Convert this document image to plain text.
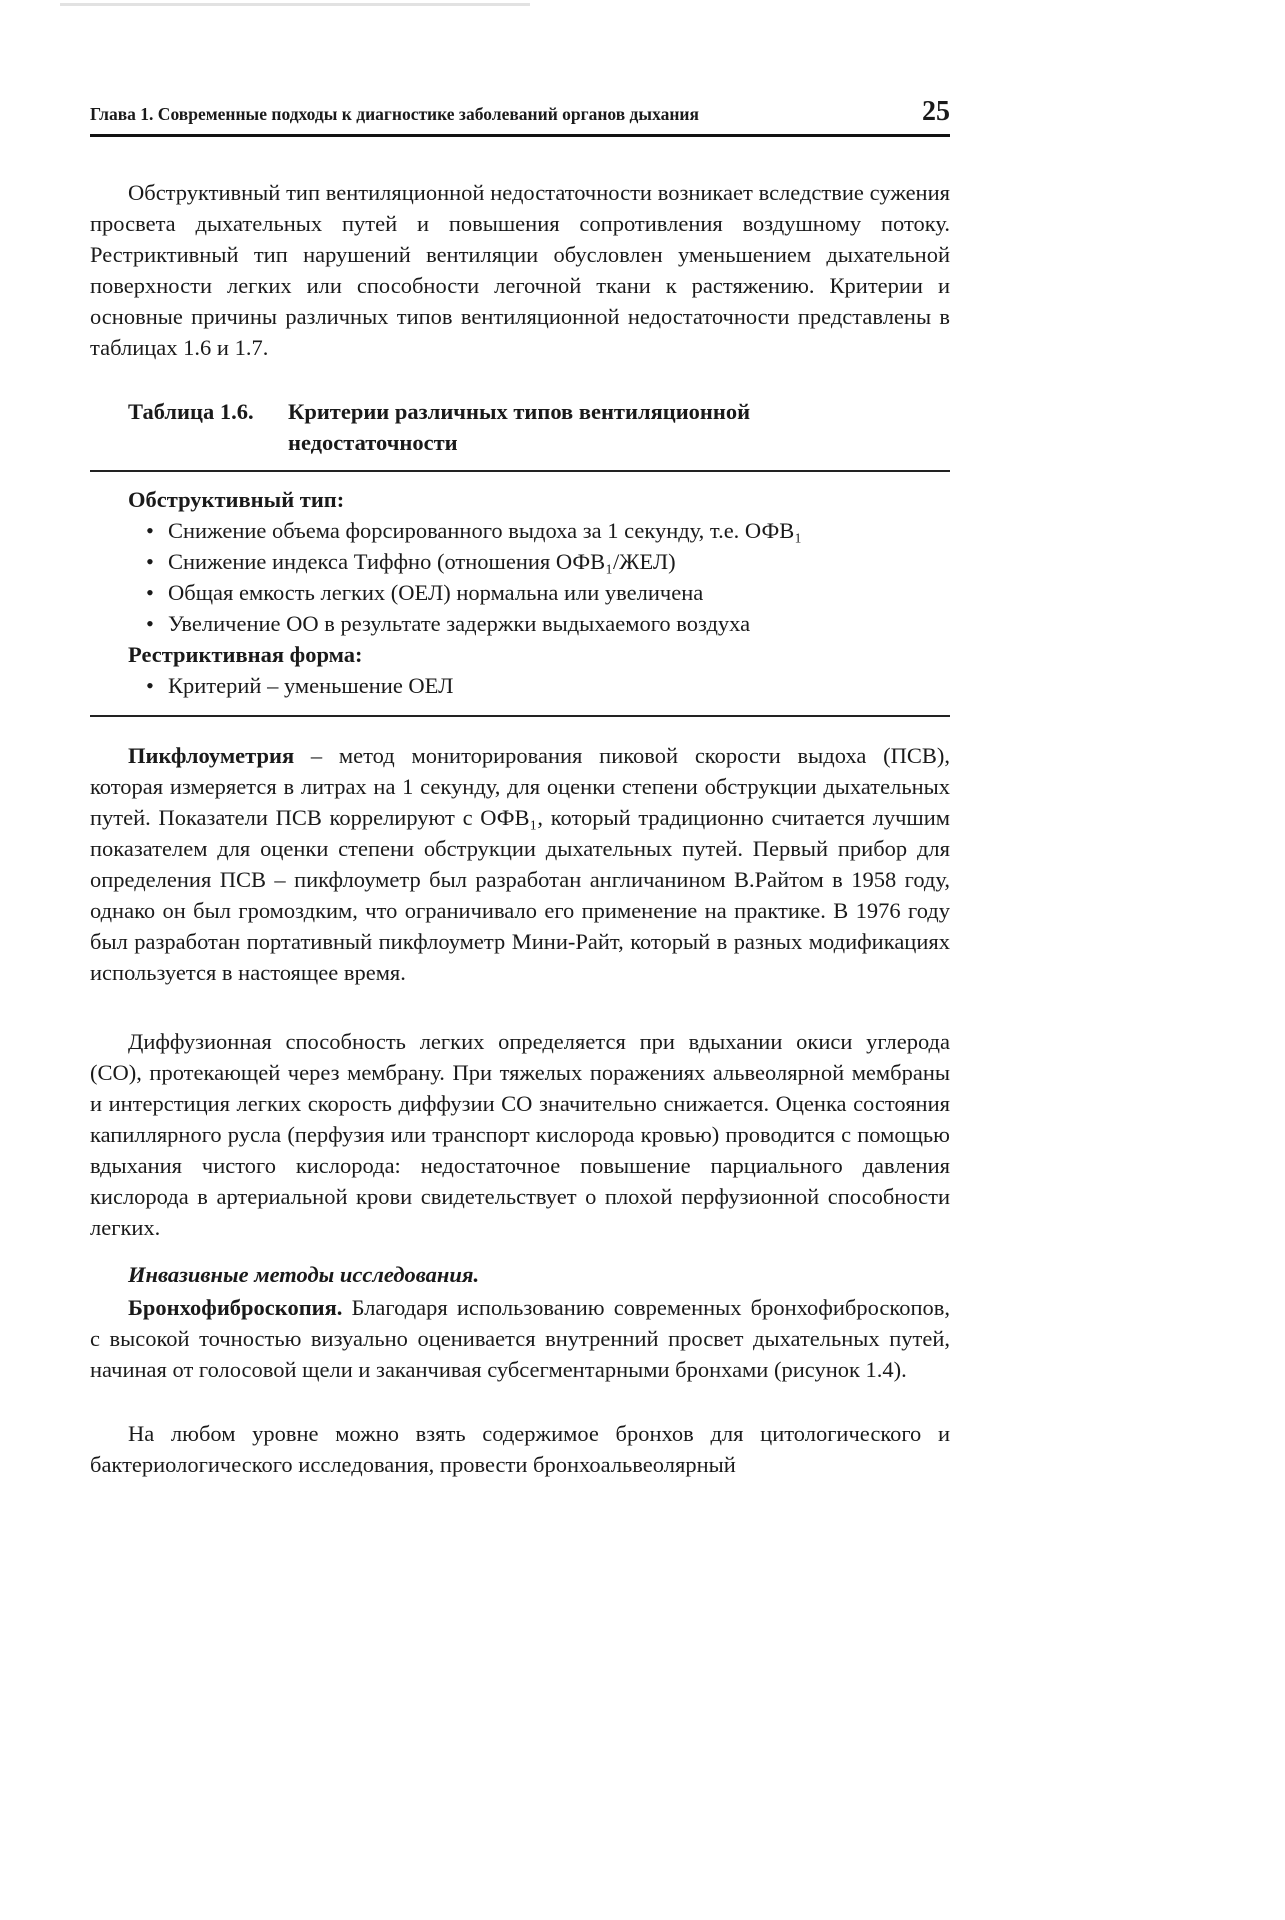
Глава 1. Современные подходы к диагностике заболеваний органов дыхания	25

Обструктивный тип вентиляционной недостаточности возникает вследствие сужения просвета дыхательных путей и повышения сопротивления воздушному потоку. Рестриктивный тип нарушений вентиляции обусловлен уменьшением дыхательной поверхности легких или способности легочной ткани к растяжению. Критерии и основные причины различных типов вентиляционной недостаточности представлены в таблицах 1.6 и 1.7.

Таблица 1.6. Критерии различных типов вентиляционной недостаточности
Обструктивный тип:
• Снижение объема форсированного выдоха за 1 секунду, т.е. ОФВ₁
• Снижение индекса Тиффно (отношения ОФВ₁/ЖЕЛ)
• Общая емкость легких (ОЕЛ) нормальна или увеличена
• Увеличение ОО в результате задержки выдыхаемого воздуха
Рестриктивная форма:
• Критерий – уменьшение ОЕЛ

Пикфлоуметрия – метод мониторирования пиковой скорости выдоха (ПСВ), которая измеряется в литрах на 1 секунду, для оценки степени обструкции дыхательных путей. Показатели ПСВ коррелируют с ОФВ₁, который традиционно считается лучшим показателем для оценки степени обструкции дыхательных путей. Первый прибор для определения ПСВ – пикфлоуметр был разработан англичанином В.Райтом в 1958 году, однако он был громоздким, что ограничивало его применение на практике. В 1976 году был разработан портативный пикфлоуметр Мини-Райт, который в разных модификациях используется в настоящее время.

Диффузионная способность легких определяется при вдыхании окиси углерода (СО), протекающей через мембрану. При тяжелых поражениях альвеолярной мембраны и интерстиция легких скорость диффузии СО значительно снижается. Оценка состояния капиллярного русла (перфузия или транспорт кислорода кровью) проводится с помощью вдыхания чистого кислорода: недостаточное повышение парциального давления кислорода в артериальной крови свидетельствует о плохой перфузионной способности легких.

Инвазивные методы исследования.

Бронхофиброскопия. Благодаря использованию современных бронхофиброскопов, с высокой точностью визуально оценивается внутренний просвет дыхательных путей, начиная от голосовой щели и заканчивая субсегментарными бронхами (рисунок 1.4).

На любом уровне можно взять содержимое бронхов для цитологического и бактериологического исследования, провести бронхоальвеолярный
